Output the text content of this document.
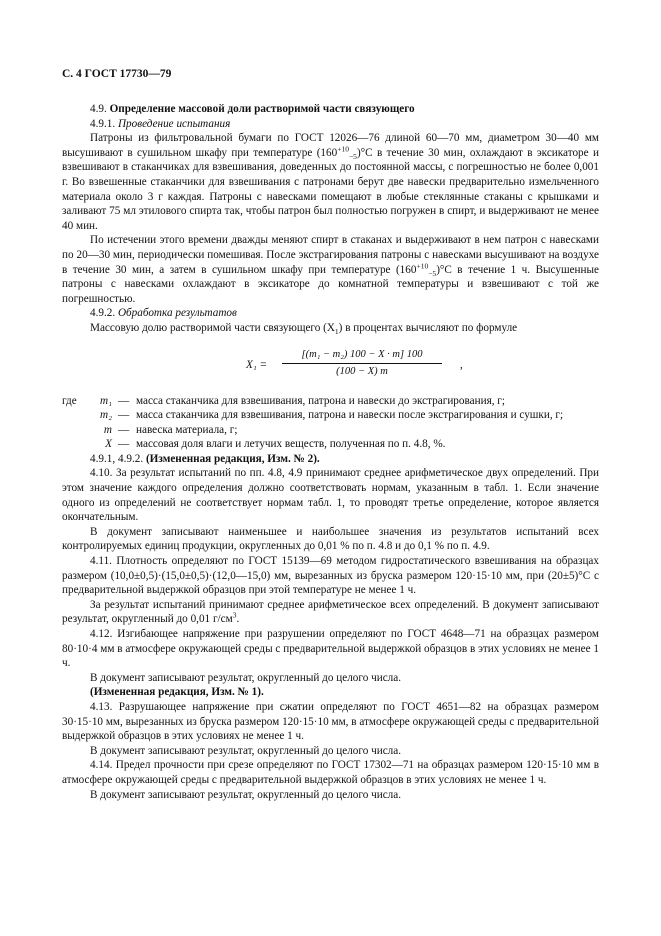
С. 4 ГОСТ 17730—79

4.9. Определение массовой доли растворимой части связующего

4.9.1. Проведение испытания

Патроны из фильтровальной бумаги по ГОСТ 12026—76 длиной 60—70 мм, диаметром 30—40 мм высушивают в сушильном шкафу при температуре $(160^{+10}_{-5})^\circ С$ в течение 30 мин, охлаждают в эксикаторе и взвешивают в стаканчиках для взвешивания, доведенных до постоянной массы, с погрешностью не более 0,001 г. Во взвешенные стаканчики для взвешивания с патронами берут две навески предварительно измельченного материала около 3 г каждая. Патроны с навесками помещают в любые стеклянные стаканы с крышками и заливают 75 мл этилового спирта так, чтобы патрон был полностью погружен в спирт, и выдерживают не менее 40 мин.

По истечении этого времени дважды меняют спирт в стаканах и выдерживают в нем патрон с навесками по 20—30 мин, периодически помешивая. После экстрагирования патроны с навесками высушивают на воздухе в течение 30 мин, а затем в сушильном шкафу при температуре $(160^{+10}_{-5})^\circ С$ в течение 1 ч. Высушенные патроны с навесками охлаждают в эксикаторе до комнатной температуры и взвешивают с той же погрешностью.

4.9.2. Обработка результатов

Массовую долю растворимой части связующего $(X_1)$ в процентах вычисляют по формуле

$X_1 = \frac{\text{[(m₁ − m₂) 100 − X · m] 100}}{(100 - X) m}$ ,
где	m₁ — масса стаканчика для взвешивания, патрона и навески до экстрагирования, г;
m₂ — масса стаканчика для взвешивания, патрона и навески после экстрагирования и сушки, г;
m — навеска материала, г;
X — массовая доля влаги и летучих веществ, полученная по п. 4.8, %.

4.9.1, 4.9.2. (Измененная редакция, Изм. № 2).

4.10. За результат испытаний по пп. 4.8, 4.9 принимают среднее арифметическое двух определений. При этом значение каждого определения должно соответствовать нормам, указанным в табл. 1. Если значение одного из определений не соответствует нормам табл. 1, то проводят третье определение, которое является окончательным.

В документ записывают наименьшее и наибольшее значения из результатов испытаний всех контролируемых единиц продукции, округленных до 0,01 % по п. 4.8 и до 0,1 % по п. 4.9.

4.11. Плотность определяют по ГОСТ 15139—69 методом гидростатического взвешивания на образцах размером (10,0±0,5)·(15,0±0,5)·(12,0—15,0) мм, вырезанных из бруска размером 120·15·10 мм, при (20±5)°С с предварительной выдержкой образцов при этой температуре не менее 1 ч.

За результат испытаний принимают среднее арифметическое всех определений. В документ записывают результат, округленный до 0,01 $г/см^3$.

4.12. Изгибающее напряжение при разрушении определяют по ГОСТ 4648—71 на образцах размером 80·10·4 мм в атмосфере окружающей среды с предварительной выдержкой образцов в этих условиях не менее 1 ч.

В документ записывают результат, округленный до целого числа.

(Измененная редакция, Изм. № 1).

4.13. Разрушающее напряжение при сжатии определяют по ГОСТ 4651—82 на образцах размером 30·15·10 мм, вырезанных из бруска размером 120·15·10 мм, в атмосфере окружающей среды с предварительной выдержкой образцов в этих условиях не менее 1 ч.

В документ записывают результат, округленный до целого числа.

4.14. Предел прочности при срезе определяют по ГОСТ 17302—71 на образцах размером 120·15·10 мм в атмосфере окружающей среды с предварительной выдержкой образцов в этих условиях не менее 1 ч.

В документ записывают результат, округленный до целого числа.
